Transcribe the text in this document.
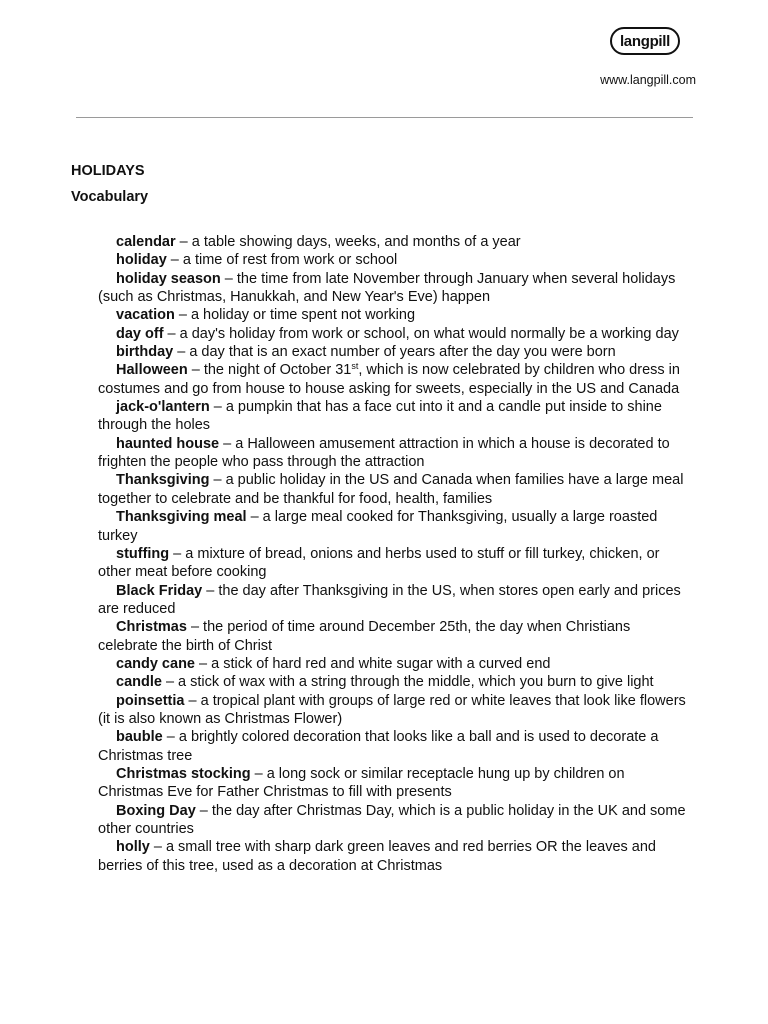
langpill
www.langpill.com
HOLIDAYS
Vocabulary
calendar – a table showing days, weeks, and months of a year
holiday – a time of rest from work or school
holiday season – the time from late November through January when several holidays (such as Christmas, Hanukkah, and New Year's Eve) happen
vacation – a holiday or time spent not working
day off – a day's holiday from work or school, on what would normally be a working day
birthday – a day that is an exact number of years after the day you were born
Halloween – the night of October 31st, which is now celebrated by children who dress in costumes and go from house to house asking for sweets, especially in the US and Canada
jack-o'lantern – a pumpkin that has a face cut into it and a candle put inside to shine through the holes
haunted house – a Halloween amusement attraction in which a house is decorated to frighten the people who pass through the attraction
Thanksgiving – a public holiday in the US and Canada when families have a large meal together to celebrate and be thankful for food, health, families
Thanksgiving meal – a large meal cooked for Thanksgiving, usually a large roasted turkey
stuffing – a mixture of bread, onions and herbs used to stuff or fill turkey, chicken, or other meat before cooking
Black Friday – the day after Thanksgiving in the US, when stores open early and prices are reduced
Christmas – the period of time around December 25th, the day when Christians celebrate the birth of Christ
candy cane – a stick of hard red and white sugar with a curved end
candle – a stick of wax with a string through the middle, which you burn to give light
poinsettia – a tropical plant with groups of large red or white leaves that look like flowers (it is also known as Christmas Flower)
bauble – a brightly colored decoration that looks like a ball and is used to decorate a Christmas tree
Christmas stocking – a long sock or similar receptacle hung up by children on Christmas Eve for Father Christmas to fill with presents
Boxing Day – the day after Christmas Day, which is a public holiday in the UK and some other countries
holly – a small tree with sharp dark green leaves and red berries OR the leaves and berries of this tree, used as a decoration at Christmas
